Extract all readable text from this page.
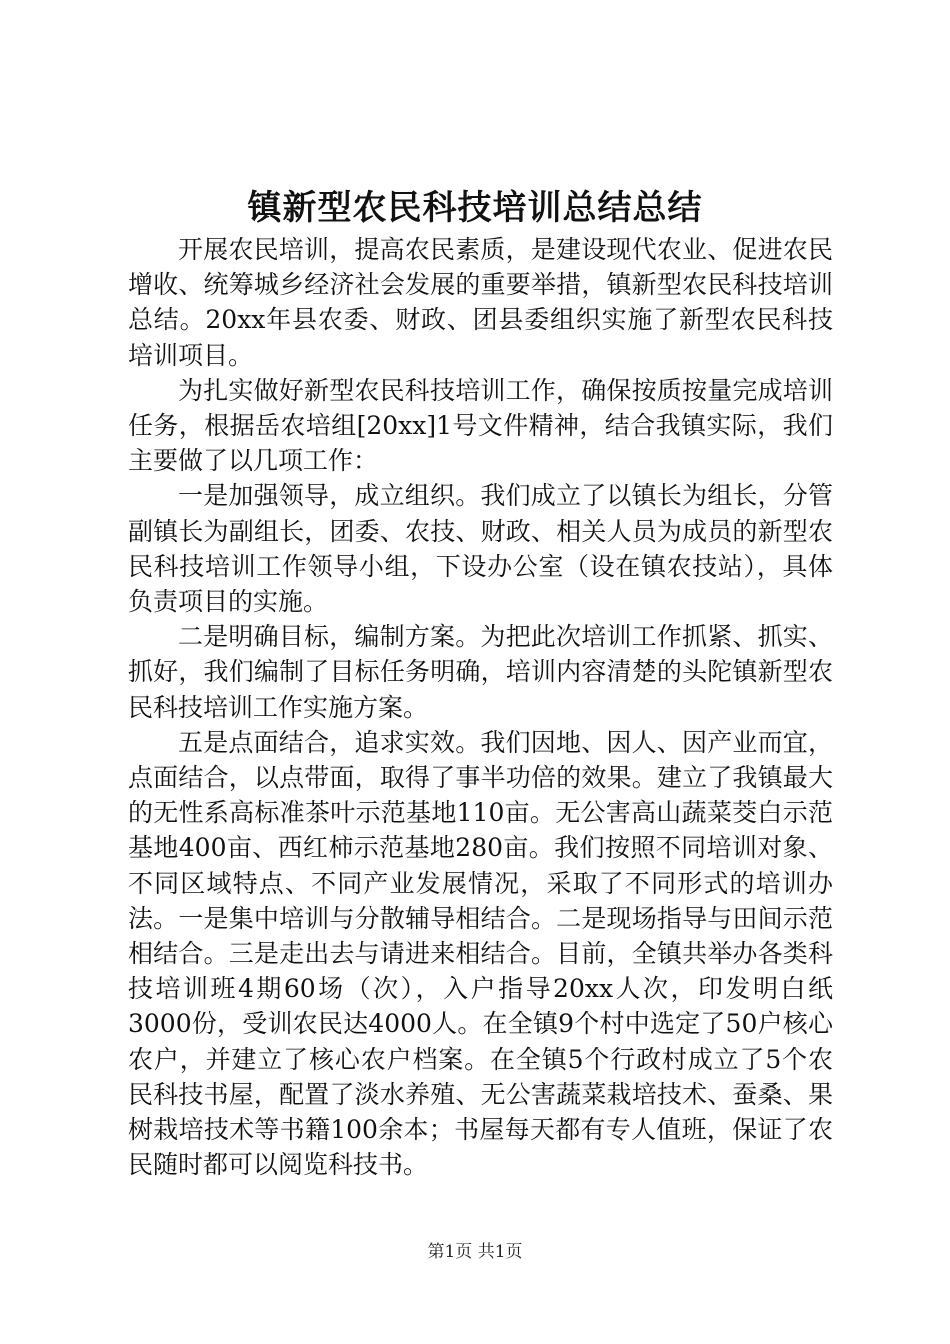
镇新型农民科技培训总结总结

开展农民培训，提高农民素质，是建设现代农业、促进农民增收、统筹城乡经济社会发展的重要举措，镇新型农民科技培训总结。20xx年县农委、财政、团县委组织实施了新型农民科技培训项目。

为扎实做好新型农民科技培训工作，确保按质按量完成培训任务，根据岳农培组[20xx]1号文件精神，结合我镇实际，我们主要做了以几项工作：

一是加强领导，成立组织。我们成立了以镇长为组长，分管副镇长为副组长，团委、农技、财政、相关人员为成员的新型农民科技培训工作领导小组，下设办公室（设在镇农技站），具体负责项目的实施。

二是明确目标，编制方案。为把此次培训工作抓紧、抓实、抓好，我们编制了目标任务明确，培训内容清楚的头陀镇新型农民科技培训工作实施方案。

五是点面结合，追求实效。我们因地、因人、因产业而宜，点面结合，以点带面，取得了事半功倍的效果。建立了我镇最大的无性系高标准茶叶示范基地110亩。无公害高山蔬菜茭白示范基地400亩、西红柿示范基地280亩。我们按照不同培训对象、不同区域特点、不同产业发展情况，采取了不同形式的培训办法。一是集中培训与分散辅导相结合。二是现场指导与田间示范相结合。三是走出去与请进来相结合。目前，全镇共举办各类科技培训班4期60场（次），入户指导20xx人次，印发明白纸3000份，受训农民达4000人。在全镇9个村中选定了50户核心农户，并建立了核心农户档案。在全镇5个行政村成立了5个农民科技书屋，配置了淡水养殖、无公害蔬菜栽培技术、蚕桑、果树栽培技术等书籍100余本；书屋每天都有专人值班，保证了农民随时都可以阅览科技书。

第1页 共1页
